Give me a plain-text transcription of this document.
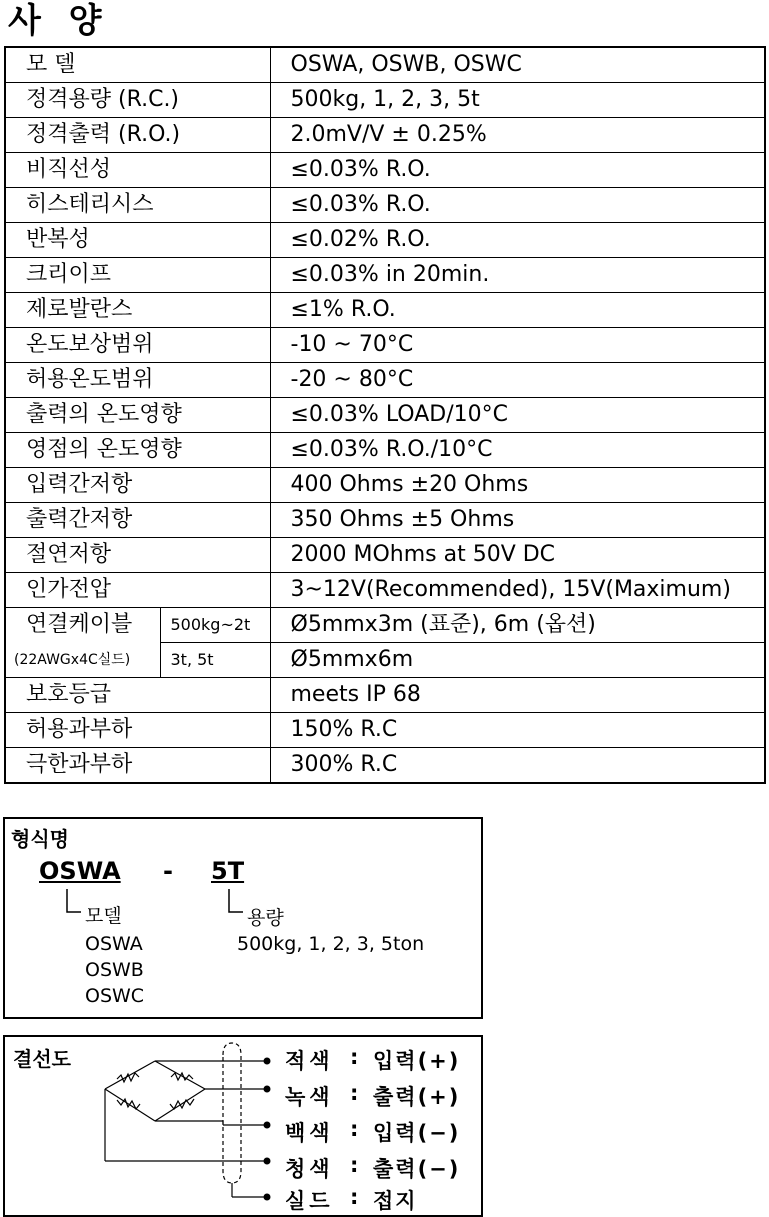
사 양
모 델		OSWA, OSWB, OSWC
정격용량 (R.C.)		500kg, 1, 2, 3, 5t
정격출력 (R.O.)		2.0mV/V ± 0.25%
비직선성		≤0.03% R.O.
히스테리시스		≤0.03% R.O.
반복성		≤0.02% R.O.
크리이프		≤0.03% in 20min.
제로발란스		≤1% R.O.
온도보상범위		-10 ~ 70°C
허용온도범위		-20 ~ 80°C
출력의 온도영향		≤0.03% LOAD/10°C
영점의 온도영향		≤0.03% R.O./10°C
입력간저항		400 Ohms ±20 Ohms
출력간저항		350 Ohms ±5 Ohms
절연저항		2000 MOhms at 50V DC
인가전압		3~12V(Recommended), 15V(Maximum)
연결케이블	500kg~2t	Ø5mmx3m (표준), 6m (옵션)
(22AWGx4C실드)	3t, 5t	Ø5mmx6m
보호등급		meets IP 68
허용과부하		150% R.C
극한과부하		300% R.C
형식명
OSWA - 5T
모델	용량
OSWA
OSWB
OSWC
500kg, 1, 2, 3, 5ton
결선도	적색 : 입력(+)
녹색 : 출력(+)
백색 : 입력(−)
청색 : 출력(−)
실드 : 접지
